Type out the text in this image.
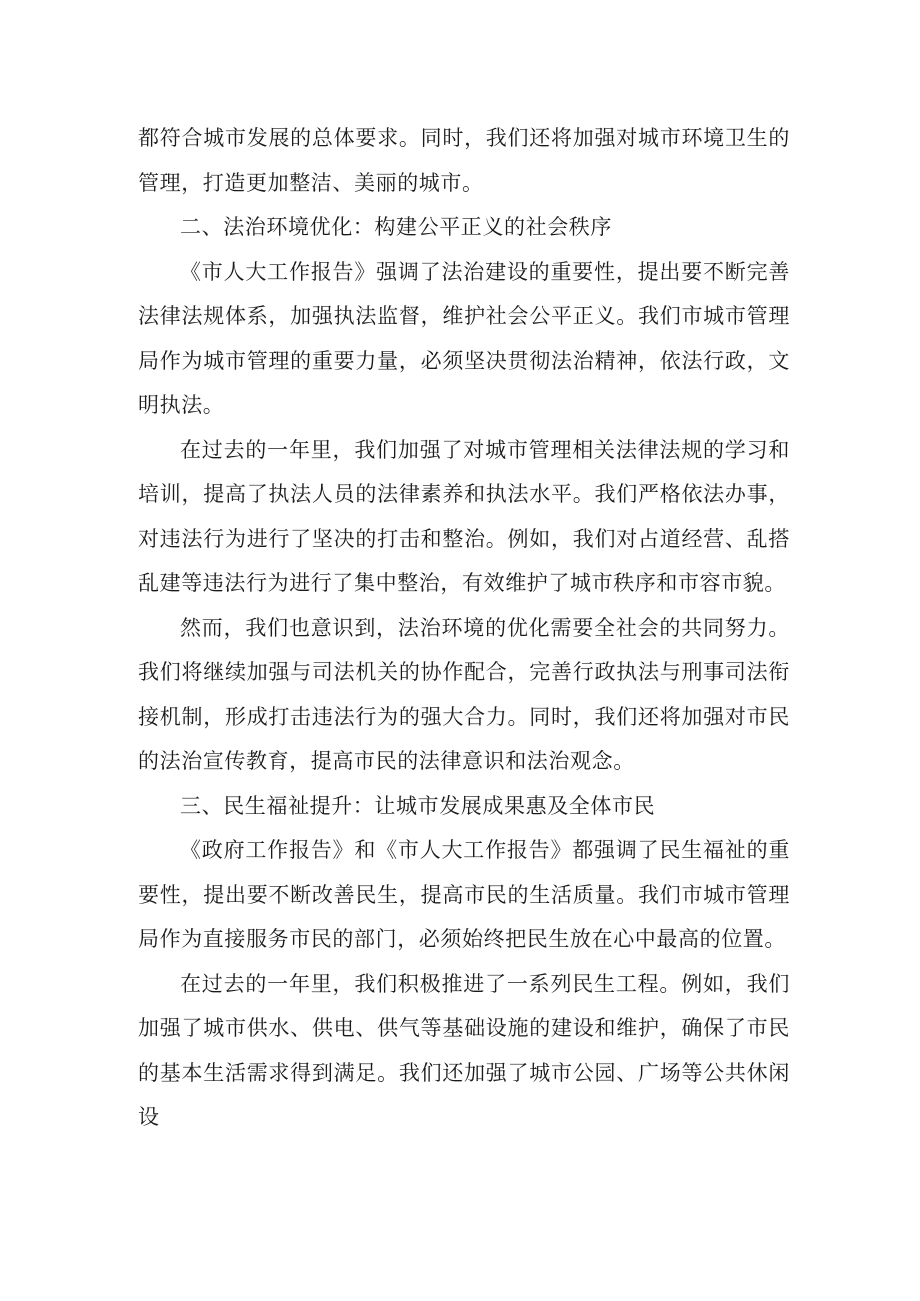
都符合城市发展的总体要求。同时，我们还将加强对城市环境卫生的管理，打造更加整洁、美丽的城市。

二、法治环境优化：构建公平正义的社会秩序

《市人大工作报告》强调了法治建设的重要性，提出要不断完善法律法规体系，加强执法监督，维护社会公平正义。我们市城市管理局作为城市管理的重要力量，必须坚决贯彻法治精神，依法行政，文明执法。

在过去的一年里，我们加强了对城市管理相关法律法规的学习和培训，提高了执法人员的法律素养和执法水平。我们严格依法办事，对违法行为进行了坚决的打击和整治。例如，我们对占道经营、乱搭乱建等违法行为进行了集中整治，有效维护了城市秩序和市容市貌。

然而，我们也意识到，法治环境的优化需要全社会的共同努力。我们将继续加强与司法机关的协作配合，完善行政执法与刑事司法衔接机制，形成打击违法行为的强大合力。同时，我们还将加强对市民的法治宣传教育，提高市民的法律意识和法治观念。

三、民生福祉提升：让城市发展成果惠及全体市民

《政府工作报告》和《市人大工作报告》都强调了民生福祉的重要性，提出要不断改善民生，提高市民的生活质量。我们市城市管理局作为直接服务市民的部门，必须始终把民生放在心中最高的位置。

在过去的一年里，我们积极推进了一系列民生工程。例如，我们加强了城市供水、供电、供气等基础设施的建设和维护，确保了市民的基本生活需求得到满足。我们还加强了城市公园、广场等公共休闲设
